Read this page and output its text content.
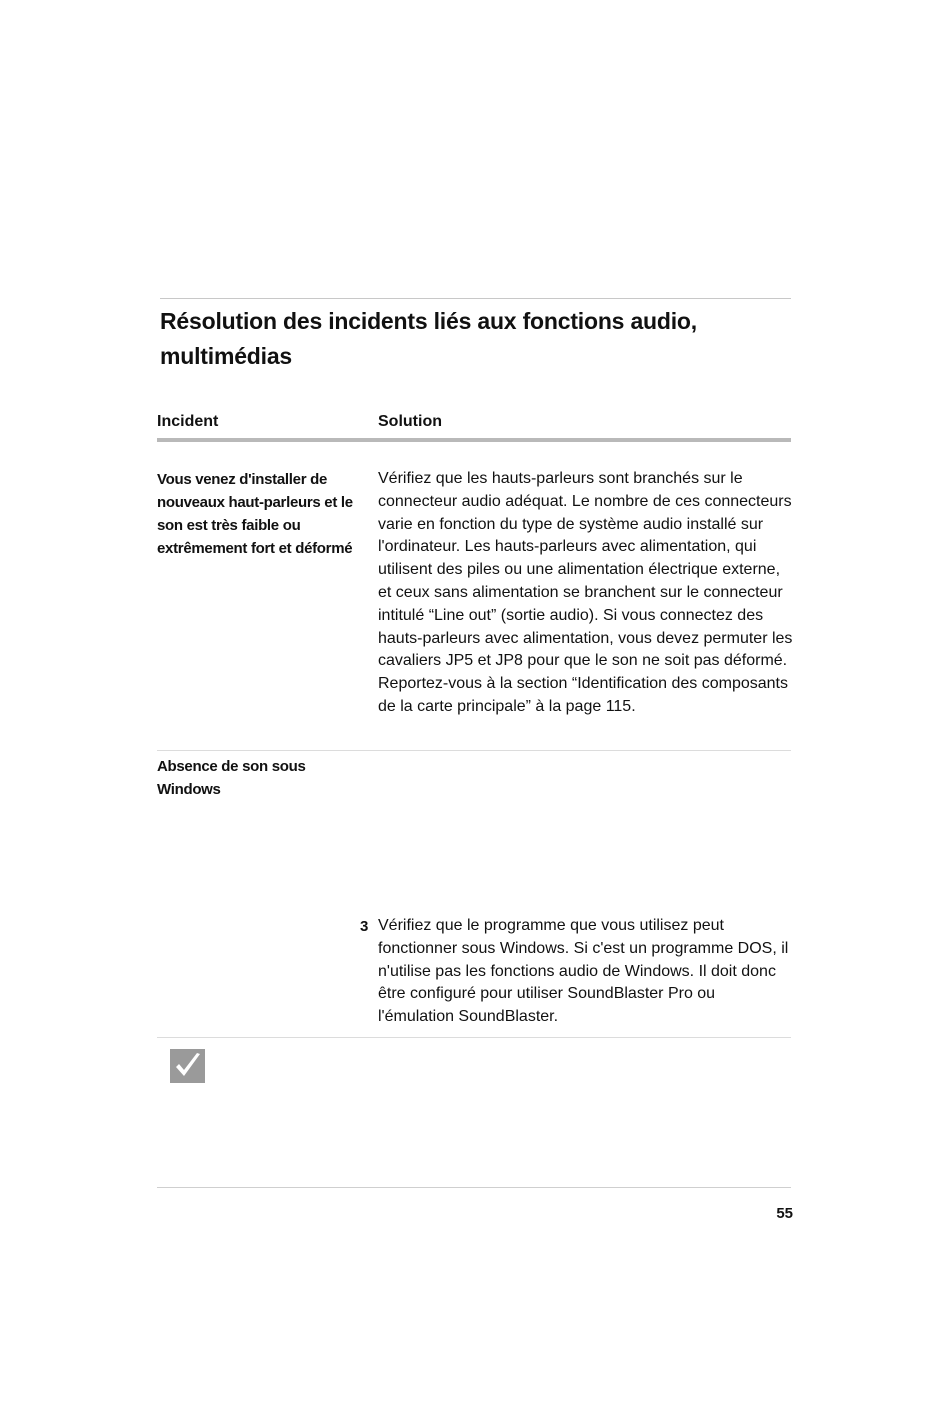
Résolution des incidents liés aux fonctions audio, multimédias
Incident	Solution
Vous venez d'installer de nouveaux haut-parleurs et le son est très faible ou extrêmement fort et déformé
Vérifiez que les hauts-parleurs sont branchés sur le connecteur audio adéquat. Le nombre de ces connecteurs varie en fonction du type de système audio installé sur l'ordinateur. Les hauts-parleurs avec alimentation, qui utilisent des piles ou une alimentation électrique externe, et ceux sans alimentation se branchent sur le connecteur intitulé “Line out” (sortie audio). Si vous connectez des hauts-parleurs avec alimentation, vous devez permuter les cavaliers JP5 et JP8 pour que le son ne soit pas déformé. Reportez-vous à la section “Identification des composants de la carte principale” à la page 115.
Absence de son sous Windows
3 Vérifiez que le programme que vous utilisez peut fonctionner sous Windows. Si c'est un programme DOS, il n'utilise pas les fonctions audio de Windows. Il doit donc être configuré pour utiliser SoundBlaster Pro ou l'émulation SoundBlaster.
55
